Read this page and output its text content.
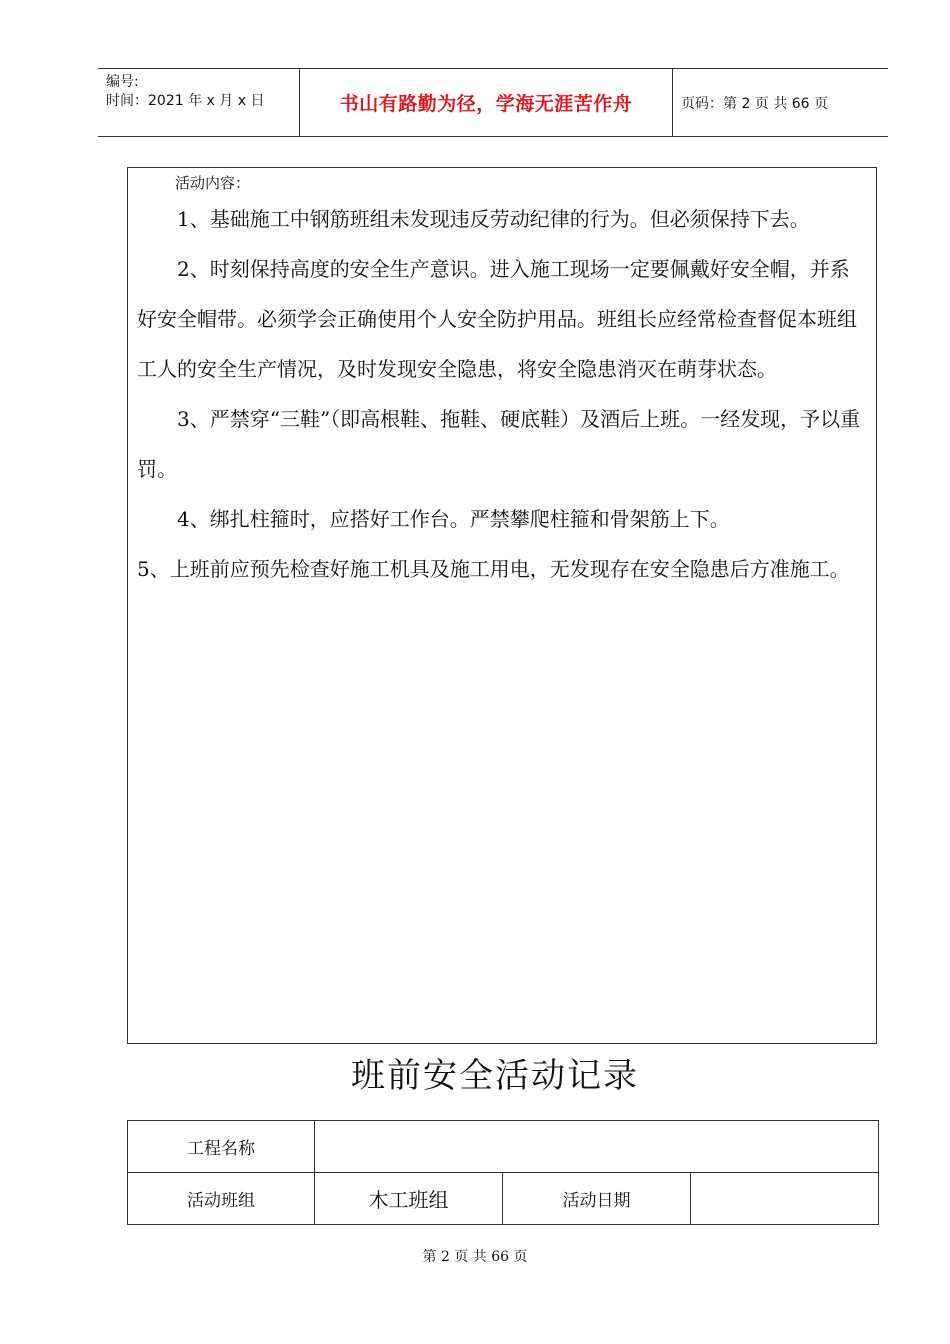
编号:
时间：2021 年 x 月 x 日	书山有路勤为径，学海无涯苦作舟	页码：第 2 页 共 66 页
活动内容：

1、基础施工中钢筋班组未发现违反劳动纪律的行为。但必须保持下去。

2、时刻保持高度的安全生产意识。进入施工现场一定要佩戴好安全帽，并系好安全帽带。必须学会正确使用个人安全防护用品。班组长应经常检查督促本班组工人的安全生产情况，及时发现安全隐患，将安全隐患消灭在萌芽状态。

3、严禁穿“三鞋”（即高根鞋、拖鞋、硬底鞋）及酒后上班。一经发现，予以重罚。

4、绑扎柱箍时，应搭好工作台。严禁攀爬柱箍和骨架筋上下。

5、上班前应预先检查好施工机具及施工用电，无发现存在安全隐患后方准施工。

班前安全活动记录
工程名称			
活动班组	木工班组	活动日期	
第 2 页 共 66 页
